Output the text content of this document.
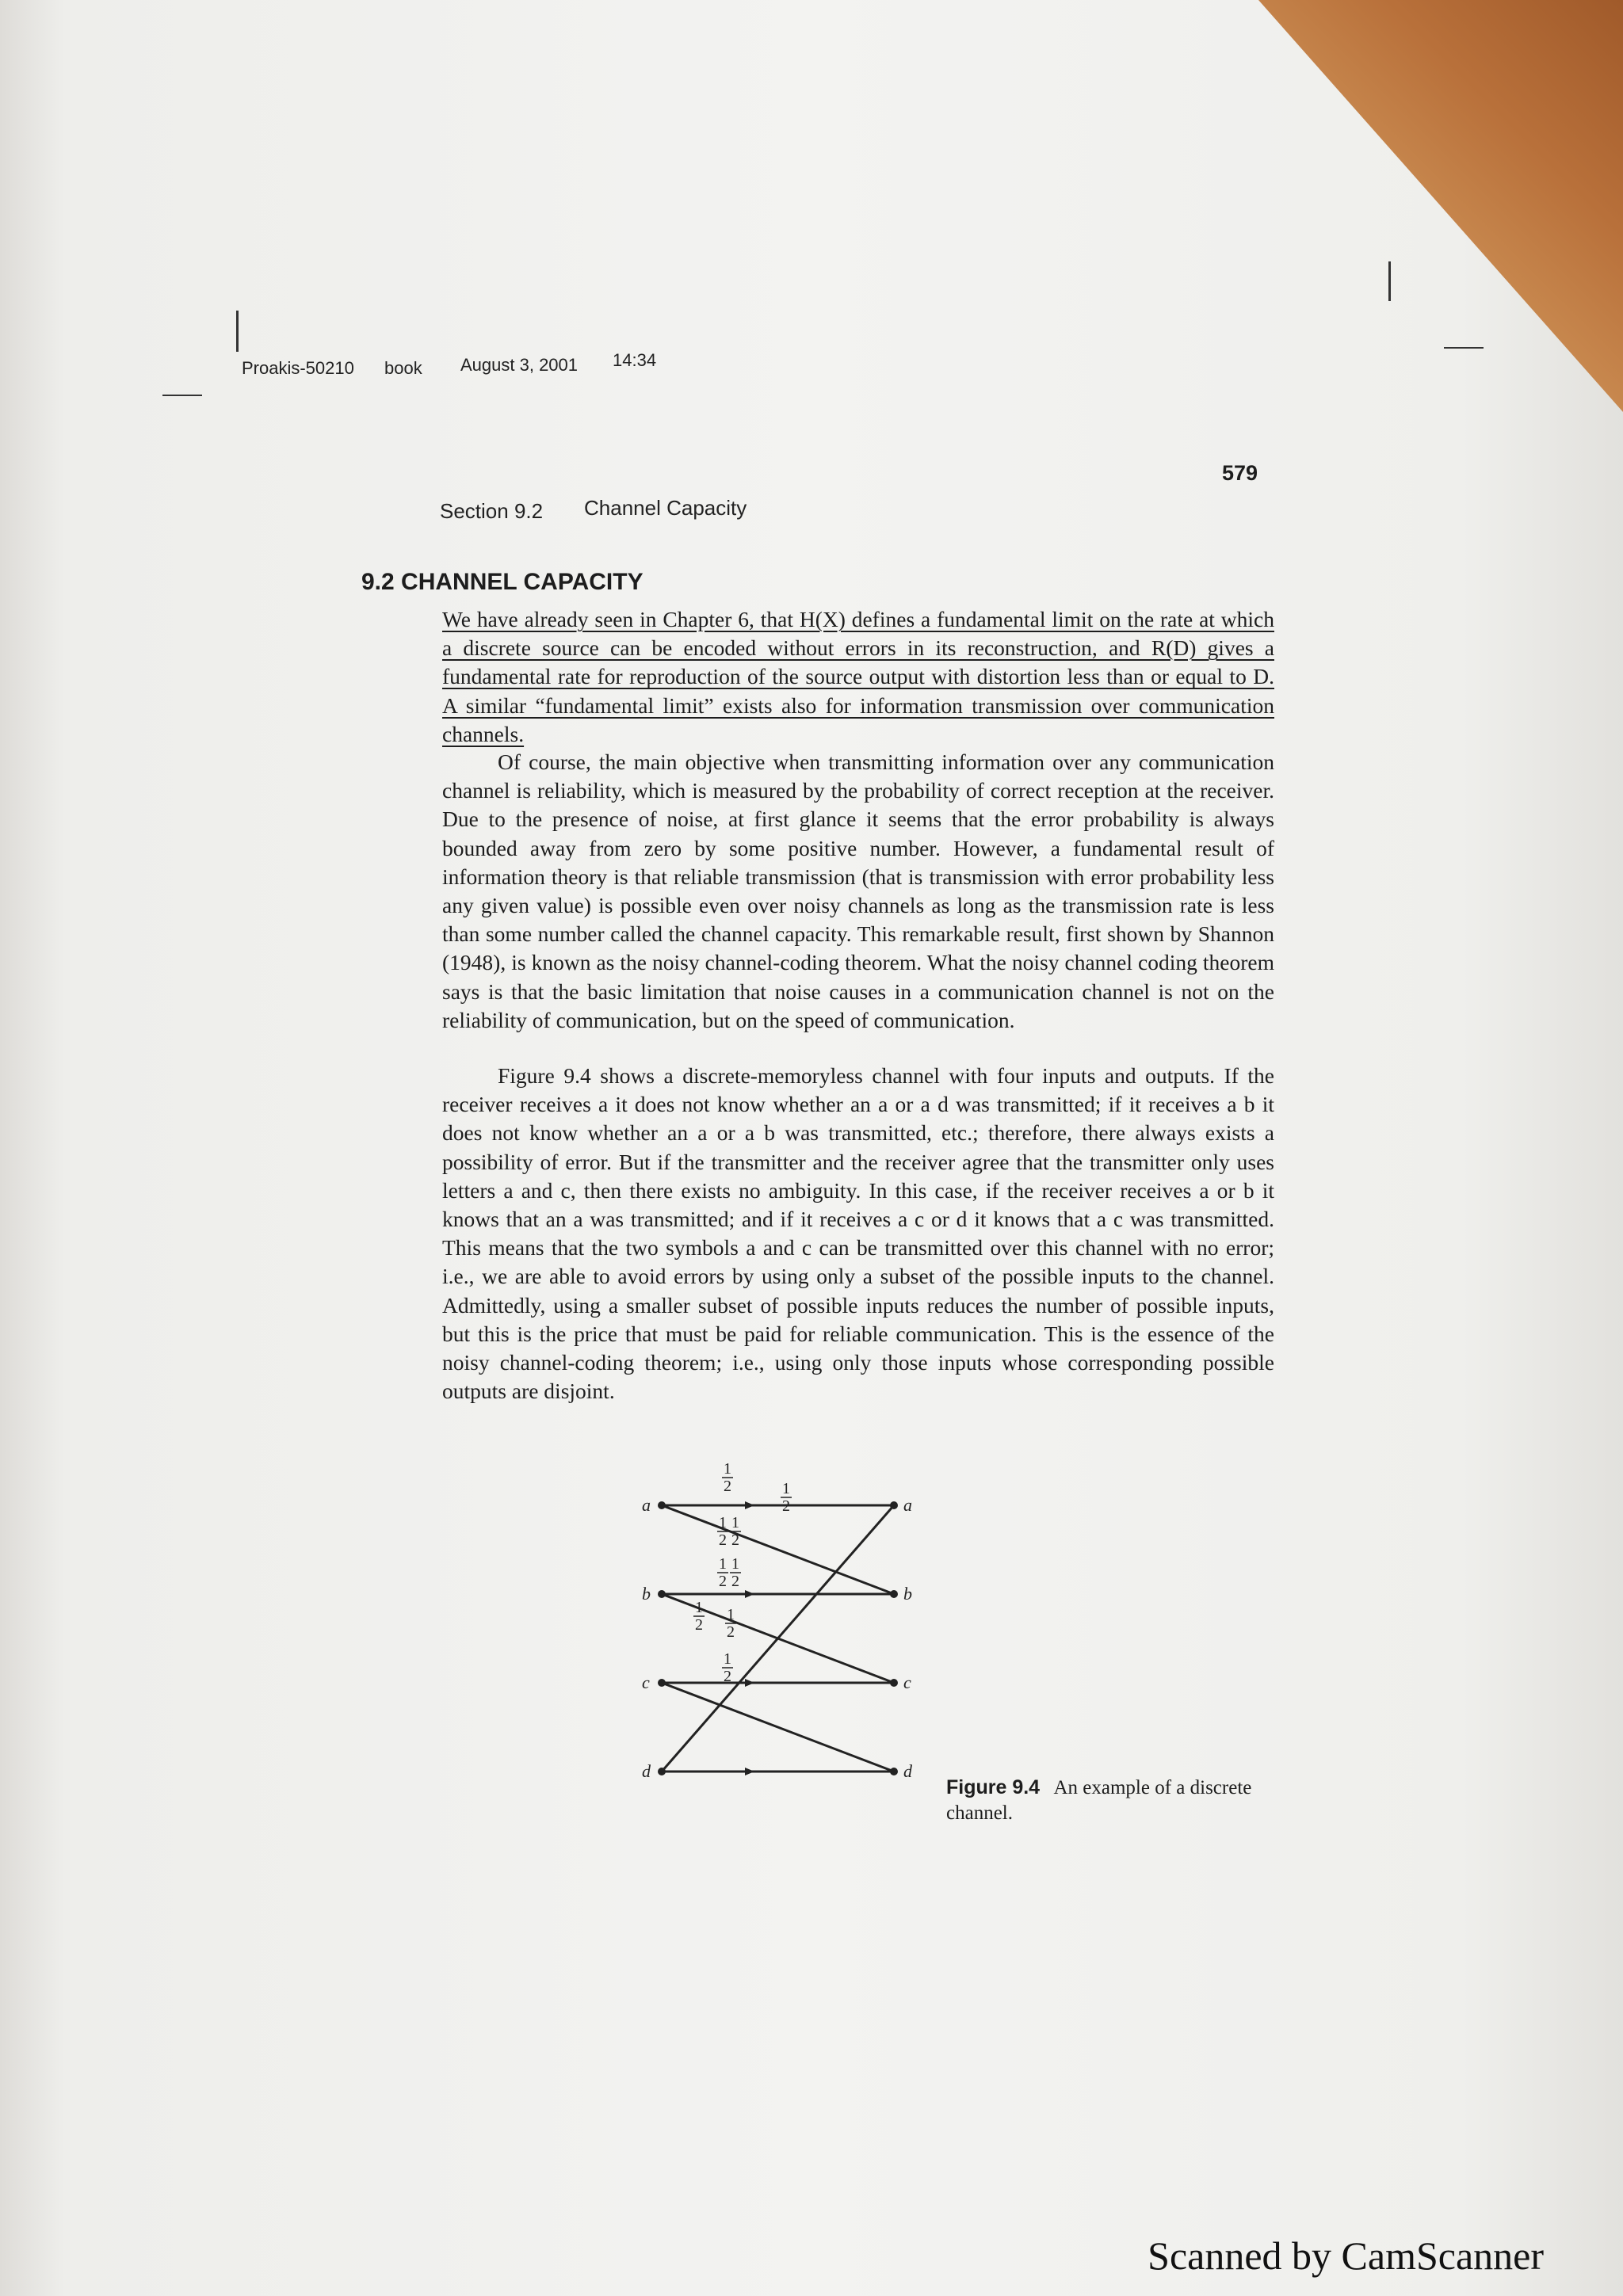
Proakis-50210 book August 3, 2001 14:34
579
Section 9.2 Channel Capacity
9.2 CHANNEL CAPACITY

We have already seen in Chapter 6, that H(X) defines a fundamental limit on the rate at which a discrete source can be encoded without errors in its reconstruction, and R(D) gives a fundamental rate for reproduction of the source output with distortion less than or equal to D. A similar “fundamental limit” exists also for information transmission over communication channels.

Of course, the main objective when transmitting information over any communication channel is reliability, which is measured by the probability of correct reception at the receiver. Due to the presence of noise, at first glance it seems that the error probability is always bounded away from zero by some positive number. However, a fundamental result of information theory is that reliable transmission (that is transmission with error probability less any given value) is possible even over noisy channels as long as the transmission rate is less than some number called the channel capacity. This remarkable result, first shown by Shannon (1948), is known as the noisy channel-coding theorem. What the noisy channel coding theorem says is that the basic limitation that noise causes in a communication channel is not on the reliability of communication, but on the speed of communication.

Figure 9.4 shows a discrete-memoryless channel with four inputs and outputs. If the receiver receives a it does not know whether an a or a d was transmitted; if it receives a b it does not know whether an a or a b was transmitted, etc.; therefore, there always exists a possibility of error. But if the transmitter and the receiver agree that the transmitter only uses letters a and c, then there exists no ambiguity. In this case, if the receiver receives a or b it knows that an a was transmitted; and if it receives a c or d it knows that a c was transmitted. This means that the two symbols a and c can be transmitted over this channel with no error; i.e., we are able to avoid errors by using only a subset of the possible inputs to the channel. Admittedly, using a smaller subset of possible inputs reduces the number of possible inputs, but this is the price that must be paid for reliable communication. This is the essence of the noisy channel-coding theorem; i.e., using only those inputs whose corresponding possible outputs are disjoint.

a
b
c
d
a
b
c
d
1
2	1
2
1
2
1
2
1
2
1
2
1
2
1
2
1
2
Figure 9.4 An example of a discrete channel.
Scanned by CamScanner
